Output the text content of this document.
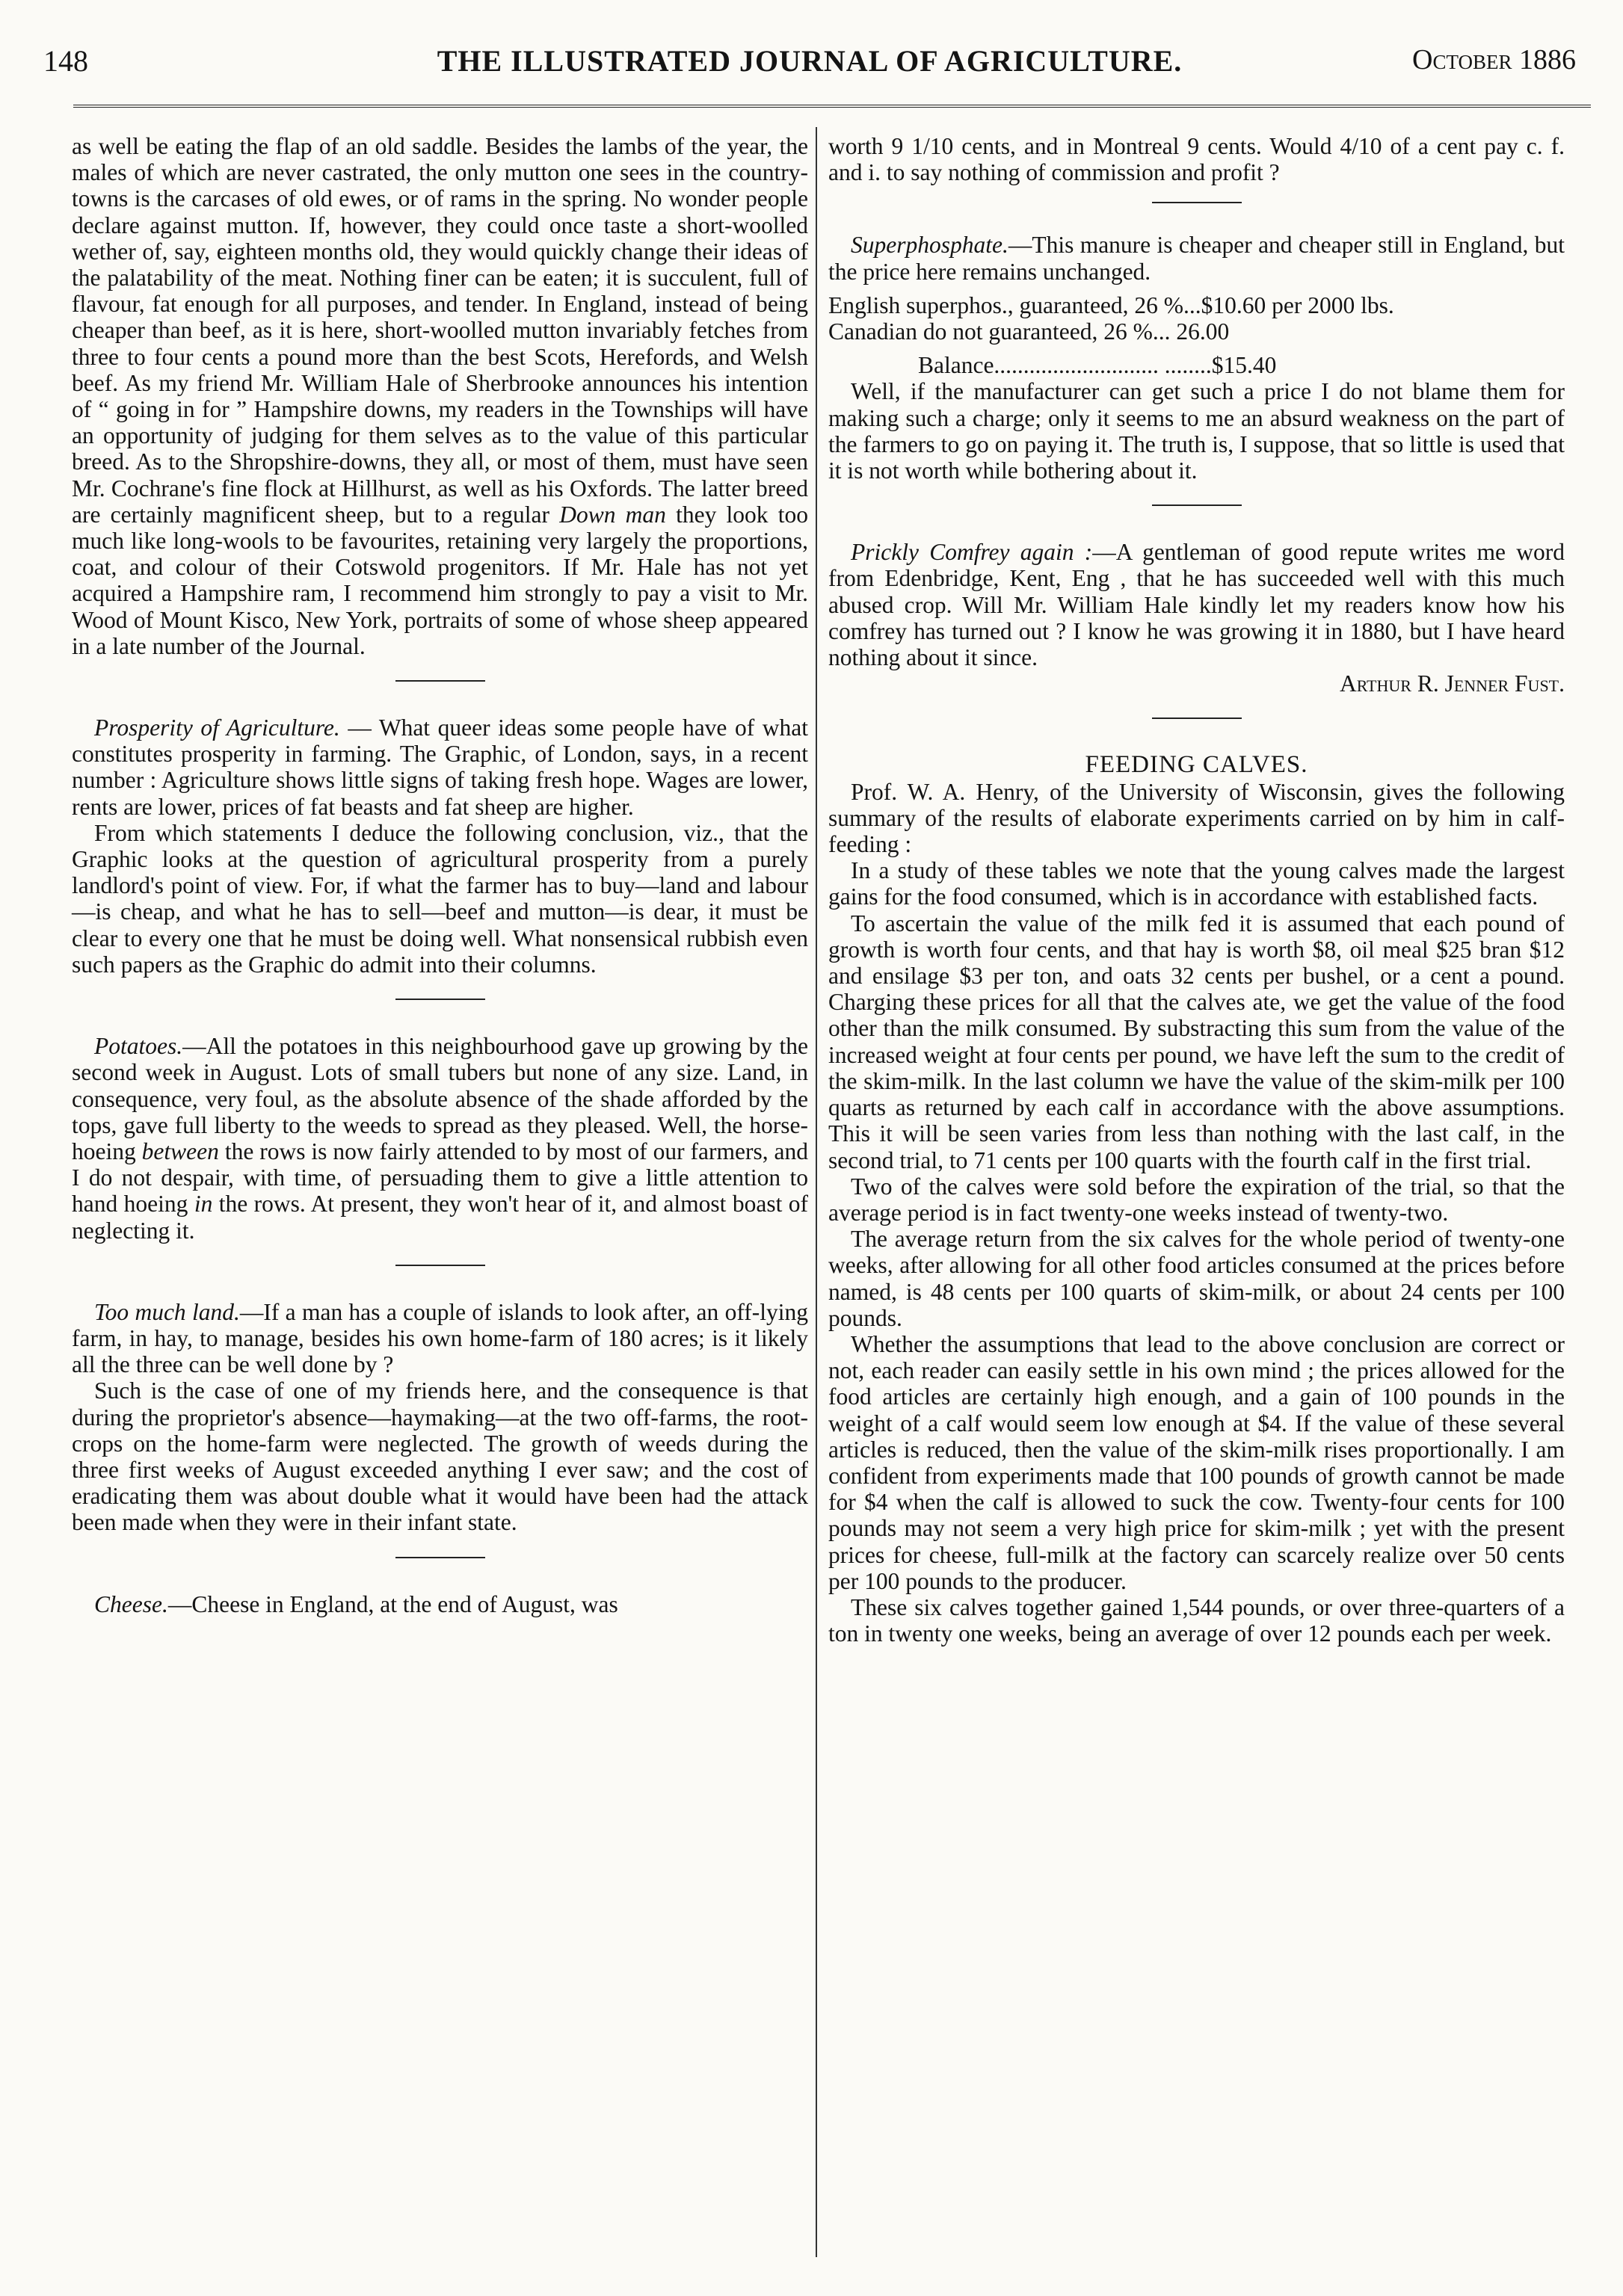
148	THE ILLUSTRATED JOURNAL OF AGRICULTURE.	October 1886

as well be eating the flap of an old saddle. Besides the lambs of the year, the males of which are never castrated, the only mutton one sees in the country-towns is the carcases of old ewes, or of rams in the spring. No wonder people declare against mutton. If, however, they could once taste a short-woolled wether of, say, eighteen months old, they would quickly change their ideas of the palatability of the meat. Nothing finer can be eaten; it is succulent, full of flavour, fat enough for all purposes, and tender. In England, instead of being cheaper than beef, as it is here, short-woolled mutton invariably fetches from three to four cents a pound more than the best Scots, Herefords, and Welsh beef. As my friend Mr. William Hale of Sherbrooke announces his intention of “ going in for ” Hampshire downs, my readers in the Townships will have an opportunity of judging for them selves as to the value of this particular breed. As to the Shropshire-downs, they all, or most of them, must have seen Mr. Cochrane's fine flock at Hillhurst, as well as his Oxfords. The latter breed are certainly magnificent sheep, but to a regular Down man they look too much like long-wools to be favourites, retaining very largely the proportions, coat, and colour of their Cotswold progenitors. If Mr. Hale has not yet acquired a Hampshire ram, I recommend him strongly to pay a visit to Mr. Wood of Mount Kisco, New York, portraits of some of whose sheep appeared in a late number of the Journal.

Prosperity of Agriculture. — What queer ideas some people have of what constitutes prosperity in farming. The Graphic, of London, says, in a recent number : Agriculture shows little signs of taking fresh hope. Wages are lower, rents are lower, prices of fat beasts and fat sheep are higher.

From which statements I deduce the following conclusion, viz., that the Graphic looks at the question of agricultural prosperity from a purely landlord's point of view. For, if what the farmer has to buy—land and labour—is cheap, and what he has to sell—beef and mutton—is dear, it must be clear to every one that he must be doing well. What nonsensical rubbish even such papers as the Graphic do admit into their columns.

Potatoes.—All the potatoes in this neighbourhood gave up growing by the second week in August. Lots of small tubers but none of any size. Land, in consequence, very foul, as the absolute absence of the shade afforded by the tops, gave full liberty to the weeds to spread as they pleased. Well, the horse-hoeing between the rows is now fairly attended to by most of our farmers, and I do not despair, with time, of persuading them to give a little attention to hand hoeing in the rows. At present, they won't hear of it, and almost boast of neglecting it.

Too much land.—If a man has a couple of islands to look after, an off-lying farm, in hay, to manage, besides his own home-farm of 180 acres; is it likely all the three can be well done by ?

Such is the case of one of my friends here, and the consequence is that during the proprietor's absence—haymaking—at the two off-farms, the root-crops on the home-farm were neglected. The growth of weeds during the three first weeks of August exceeded anything I ever saw; and the cost of eradicating them was about double what it would have been had the attack been made when they were in their infant state.

Cheese.—Cheese in England, at the end of August, was

worth 9 1/10 cents, and in Montreal 9 cents. Would 4/10 of a cent pay c. f. and i. to say nothing of commission and profit ?

Superphosphate.—This manure is cheaper and cheaper still in England, but the price here remains unchanged.

English superphos., guaranteed, 26 %...$10.60 per 2000 lbs.
Canadian do not guaranteed, 26 %... 26.00

Balance............................ ........$15.40

Well, if the manufacturer can get such a price I do not blame them for making such a charge; only it seems to me an absurd weakness on the part of the farmers to go on paying it. The truth is, I suppose, that so little is used that it is not worth while bothering about it.

Prickly Comfrey again :—A gentleman of good repute writes me word from Edenbridge, Kent, Eng , that he has succeeded well with this much abused crop. Will Mr. William Hale kindly let my readers know how his comfrey has turned out ? I know he was growing it in 1880, but I have heard nothing about it since.

Arthur R. Jenner Fust.

FEEDING CALVES.

Prof. W. A. Henry, of the University of Wisconsin, gives the following summary of the results of elaborate experiments carried on by him in calf-feeding :

In a study of these tables we note that the young calves made the largest gains for the food consumed, which is in accordance with established facts.

To ascertain the value of the milk fed it is assumed that each pound of growth is worth four cents, and that hay is worth $8, oil meal $25 bran $12 and ensilage $3 per ton, and oats 32 cents per bushel, or a cent a pound. Charging these prices for all that the calves ate, we get the value of the food other than the milk consumed. By substracting this sum from the value of the increased weight at four cents per pound, we have left the sum to the credit of the skim-milk. In the last column we have the value of the skim-milk per 100 quarts as returned by each calf in accordance with the above assumptions. This it will be seen varies from less than nothing with the last calf, in the second trial, to 71 cents per 100 quarts with the fourth calf in the first trial.

Two of the calves were sold before the expiration of the trial, so that the average period is in fact twenty-one weeks instead of twenty-two.

The average return from the six calves for the whole period of twenty-one weeks, after allowing for all other food articles consumed at the prices before named, is 48 cents per 100 quarts of skim-milk, or about 24 cents per 100 pounds.

Whether the assumptions that lead to the above conclusion are correct or not, each reader can easily settle in his own mind ; the prices allowed for the food articles are certainly high enough, and a gain of 100 pounds in the weight of a calf would seem low enough at $4. If the value of these several articles is reduced, then the value of the skim-milk rises proportionally. I am confident from experiments made that 100 pounds of growth cannot be made for $4 when the calf is allowed to suck the cow. Twenty-four cents for 100 pounds may not seem a very high price for skim-milk ; yet with the present prices for cheese, full-milk at the factory can scarcely realize over 50 cents per 100 pounds to the producer.

These six calves together gained 1,544 pounds, or over three-quarters of a ton in twenty one weeks, being an average of over 12 pounds each per week.
